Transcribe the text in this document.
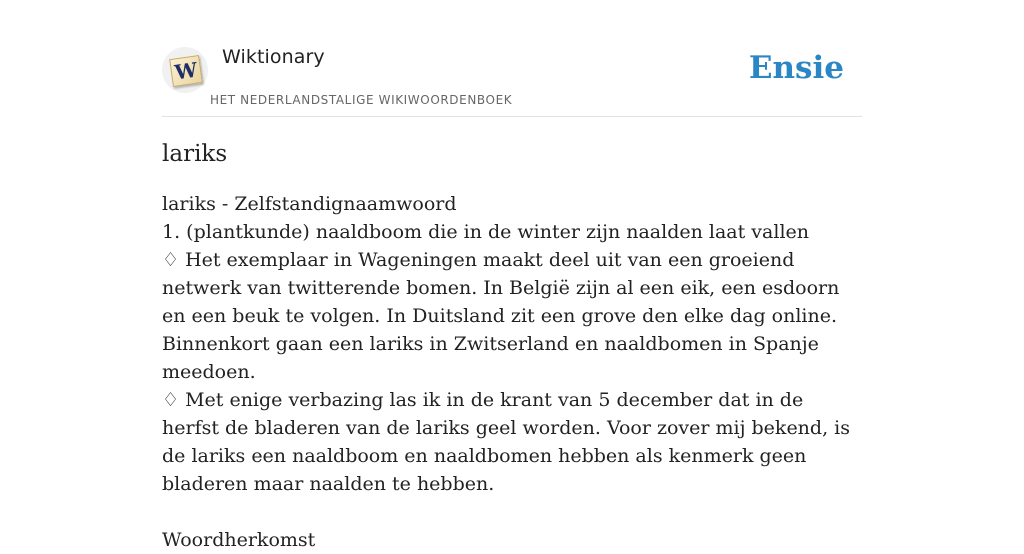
W
Wiktionary
HET NEDERLANDSTALIGE WIKIWOORDENBOEK
Ensie
lariks
lariks - Zelfstandignaamwoord
1. (plantkunde) naaldboom die in de winter zijn naalden laat vallen
♢ Het exemplaar in Wageningen maakt deel uit van een groeiend netwerk van twitterende bomen. In België zijn al een eik, een esdoorn en een beuk te volgen. In Duitsland zit een grove den elke dag online. Binnenkort gaan een lariks in Zwitserland en naaldbomen in Spanje meedoen.
♢ Met enige verbazing las ik in de krant van 5 december dat in de herfst de bladeren van de lariks geel worden. Voor zover mij bekend, is de lariks een naaldboom en naaldbomen hebben als kenmerk geen bladeren maar naalden te hebben.
Woordherkomst
